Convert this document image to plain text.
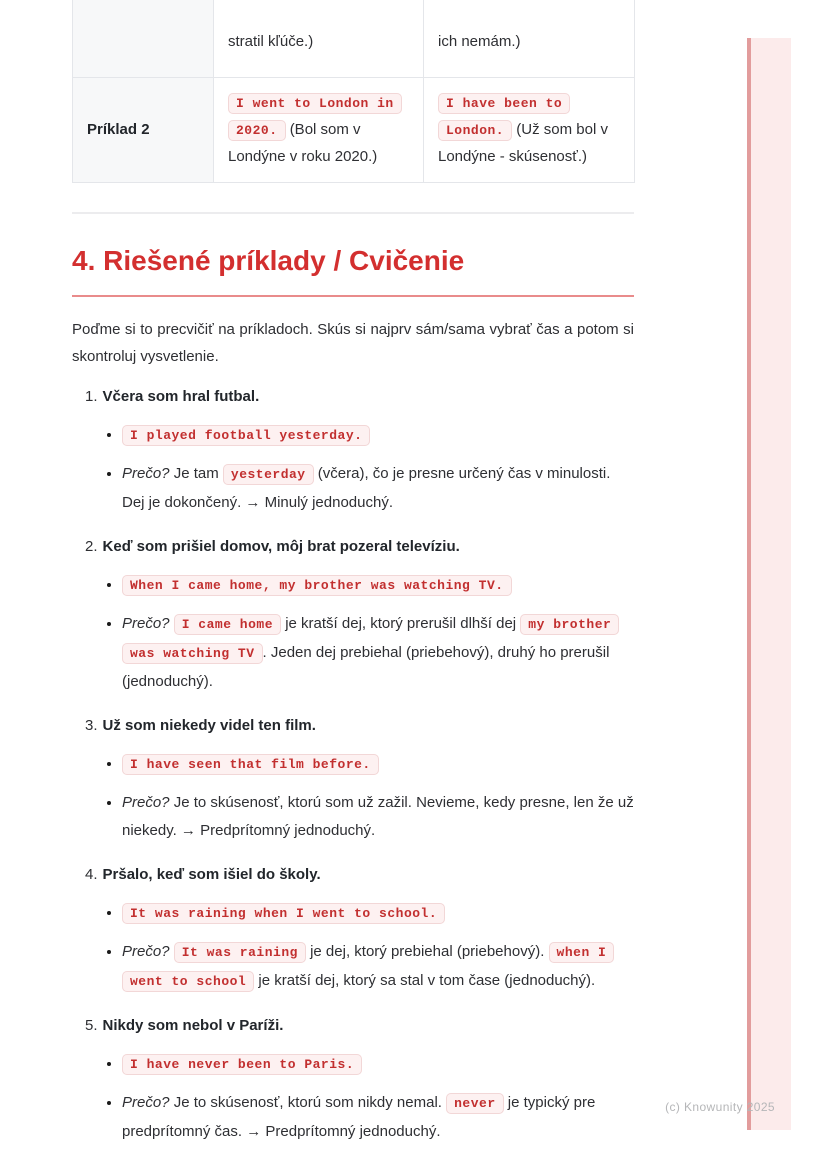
	stratil kľúče.)	ich nemám.)
Príklad 2	I went to London in 2020. (Bol som v Londýne v roku 2020.)	I have been to London. (Už som bol v Londýne - skúsenosť.)
4. Riešené príklady / Cvičenie

Poďme si to precvičiť na príkladoch. Skús si najprv sám/sama vybrať čas a potom si skontroluj vysvetlenie.

1. Včera som hral futbal.
• I played football yesterday.
• Prečo? Je tam yesterday (včera), čo je presne určený čas v minulosti. Dej je dokončený. → Minulý jednoduchý.
2. Keď som prišiel domov, môj brat pozeral televíziu.
• When I came home, my brother was watching TV.
• Prečo? I came home je kratší dej, ktorý prerušil dlhší dej my brother was watching TV . Jeden dej prebiehal (priebehový), druhý ho prerušil (jednoduchý).
3. Už som niekedy videl ten film.
• I have seen that film before.
• Prečo? Je to skúsenosť, ktorú som už zažil. Nevieme, kedy presne, len že už niekedy. → Predprítomný jednoduchý.
4. Pršalo, keď som išiel do školy.
• It was raining when I went to school.
• Prečo? It was raining je dej, ktorý prebiehal (priebehový). when I went to school je kratší dej, ktorý sa stal v tom čase (jednoduchý).
5. Nikdy som nebol v Paríži.
• I have never been to Paris.
• Prečo? Je to skúsenosť, ktorú som nikdy nemal. never je typický pre predprítomný čas. → Predprítomný jednoduchý.
(c) Knowunity 2025
